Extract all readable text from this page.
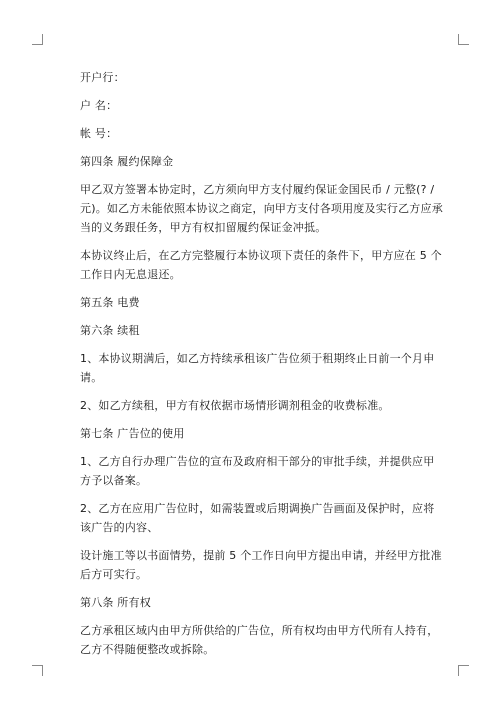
开户行：

户 名：

帐 号：

第四条 履约保障金

甲乙双方签署本协定时，乙方须向甲方支付履约保证金国民币 / 元整(? / 元)。如乙方未能依照本协议之商定，向甲方支付各项用度及实行乙方应承当的义务跟任务，甲方有权扣留履约保证金冲抵。

本协议终止后，在乙方完整履行本协议项下责任的条件下，甲方应在 5 个工作日内无息退还。

第五条 电费

第六条 续租

1、本协议期满后，如乙方持续承租该广告位须于租期终止日前一个月申请。

2、如乙方续租，甲方有权依据市场情形调剂租金的收费标准。

第七条 广告位的使用

1、乙方自行办理广告位的宣布及政府相干部分的审批手续，并提供应甲方予以备案。

2、乙方在应用广告位时，如需装置或后期调换广告画面及保护时，应将该广告的内容、

设计施工等以书面情势，提前 5 个工作日向甲方提出申请，并经甲方批准后方可实行。

第八条 所有权

乙方承租区域内由甲方所供给的广告位，所有权均由甲方代所有人持有，乙方不得随便整改或拆除。
